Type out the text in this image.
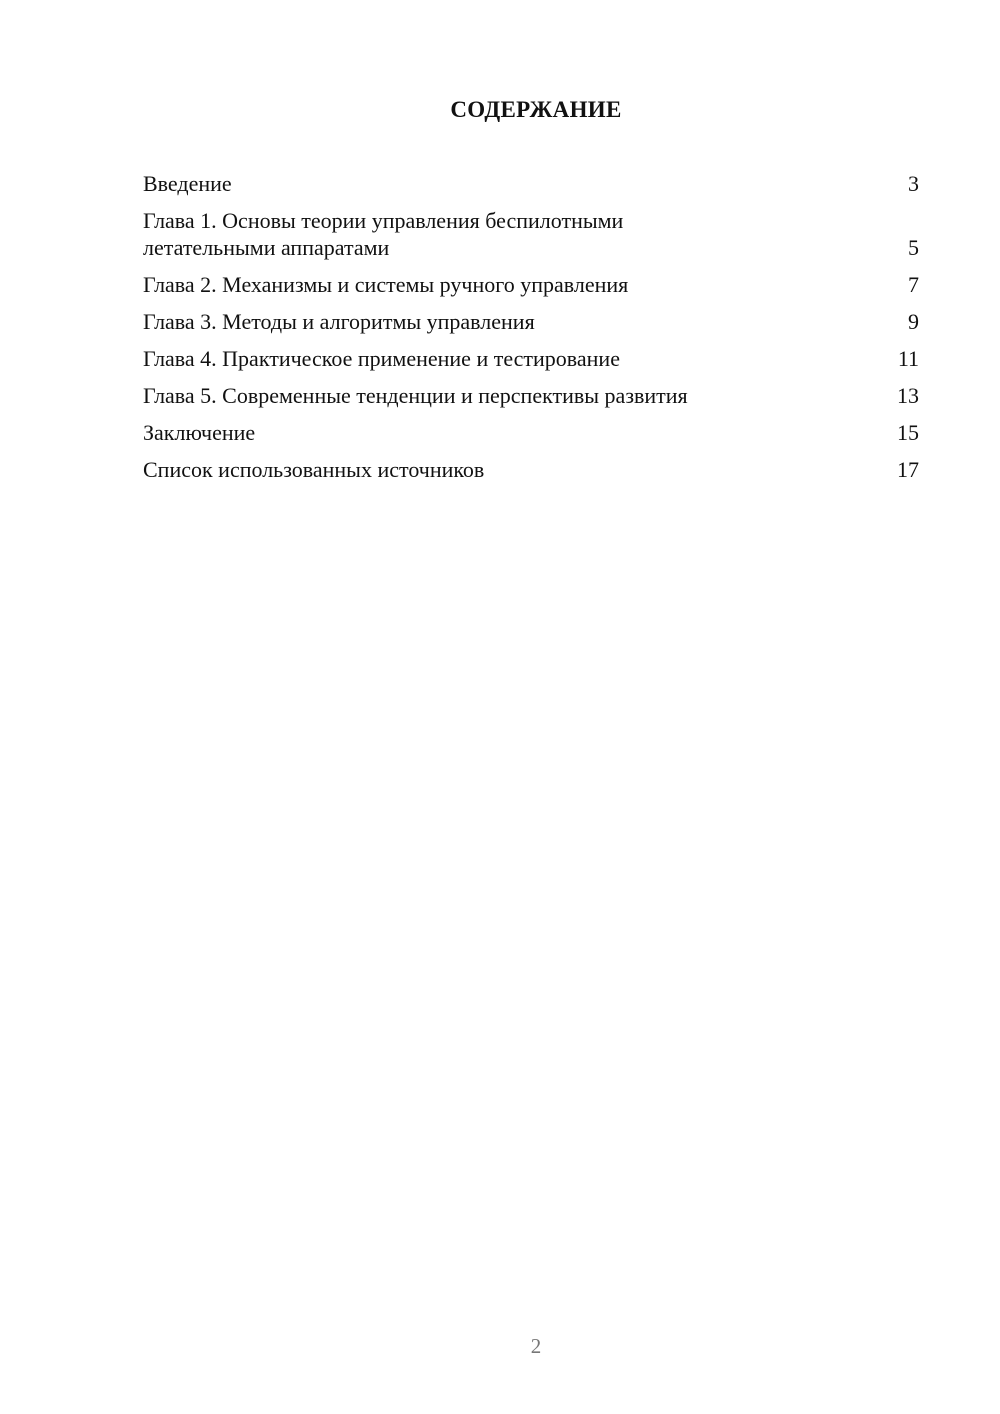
СОДЕРЖАНИЕ
Введение	3
Глава 1. Основы теории управления беспилотными летательными аппаратами	5
Глава 2. Механизмы и системы ручного управления	7
Глава 3. Методы и алгоритмы управления	9
Глава 4. Практическое применение и тестирование	11
Глава 5. Современные тенденции и перспективы развития	13
Заключение	15
Список использованных источников	17
2
